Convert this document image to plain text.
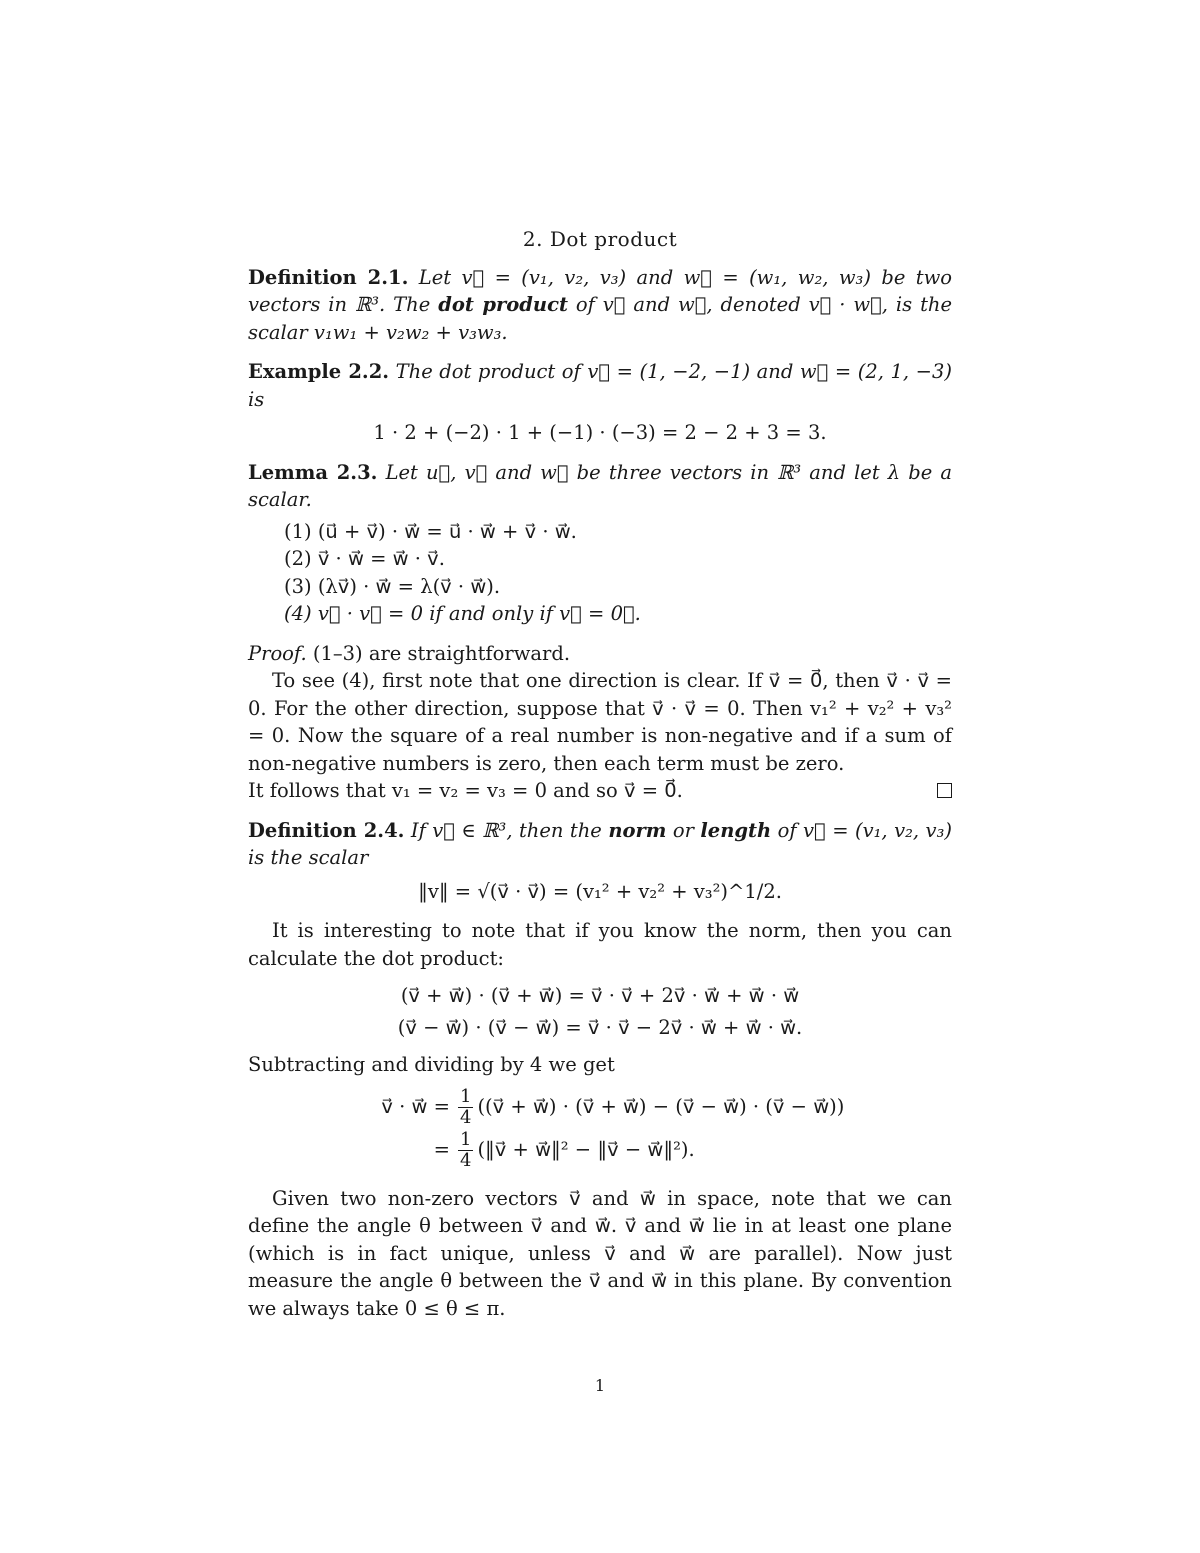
2. Dot product
Definition 2.1. Let v⃗ = (v₁, v₂, v₃) and w⃗ = (w₁, w₂, w₃) be two vectors in ℝ³. The dot product of v⃗ and w⃗, denoted v⃗ · w⃗, is the scalar v₁w₁ + v₂w₂ + v₃w₃.
Example 2.2. The dot product of v⃗ = (1, −2, −1) and w⃗ = (2, 1, −3) is
1 · 2 + (−2) · 1 + (−1) · (−3) = 2 − 2 + 3 = 3.
Lemma 2.3. Let u⃗, v⃗ and w⃗ be three vectors in ℝ³ and let λ be a scalar.
(1) (u⃗ + v⃗) · w⃗ = u⃗ · w⃗ + v⃗ · w⃗.
(2) v⃗ · w⃗ = w⃗ · v⃗.
(3) (λv⃗) · w⃗ = λ(v⃗ · w⃗).
(4) v⃗ · v⃗ = 0 if and only if v⃗ = 0⃗.
Proof. (1–3) are straightforward.
To see (4), first note that one direction is clear. If v⃗ = 0⃗, then v⃗ · v⃗ = 0. For the other direction, suppose that v⃗ · v⃗ = 0. Then v₁² + v₂² + v₃² = 0. Now the square of a real number is non-negative and if a sum of non-negative numbers is zero, then each term must be zero.
It follows that v₁ = v₂ = v₃ = 0 and so v⃗ = 0⃗.
Definition 2.4. If v⃗ ∈ ℝ³, then the norm or length of v⃗ = (v₁, v₂, v₃) is the scalar
‖v‖ = √(v⃗ · v⃗) = (v₁² + v₂² + v₃²)^1/2.
It is interesting to note that if you know the norm, then you can calculate the dot product:
(v⃗ + w⃗) · (v⃗ + w⃗) = v⃗ · v⃗ + 2v⃗ · w⃗ + w⃗ · w⃗
(v⃗ − w⃗) · (v⃗ − w⃗) = v⃗ · v⃗ − 2v⃗ · w⃗ + w⃗ · w⃗.
Subtracting and dividing by 4 we get
v⃗ · w⃗ = $\frac{1}{4}$ ((v⃗ + w⃗) · (v⃗ + w⃗) − (v⃗ − w⃗) · (v⃗ − w⃗))
= $\frac{1}{4}$ (‖v⃗ + w⃗‖² − ‖v⃗ − w⃗‖²).
Given two non-zero vectors v⃗ and w⃗ in space, note that we can define the angle θ between v⃗ and w⃗. v⃗ and w⃗ lie in at least one plane (which is in fact unique, unless v⃗ and w⃗ are parallel). Now just measure the angle θ between the v⃗ and w⃗ in this plane. By convention we always take 0 ≤ θ ≤ π.
1
